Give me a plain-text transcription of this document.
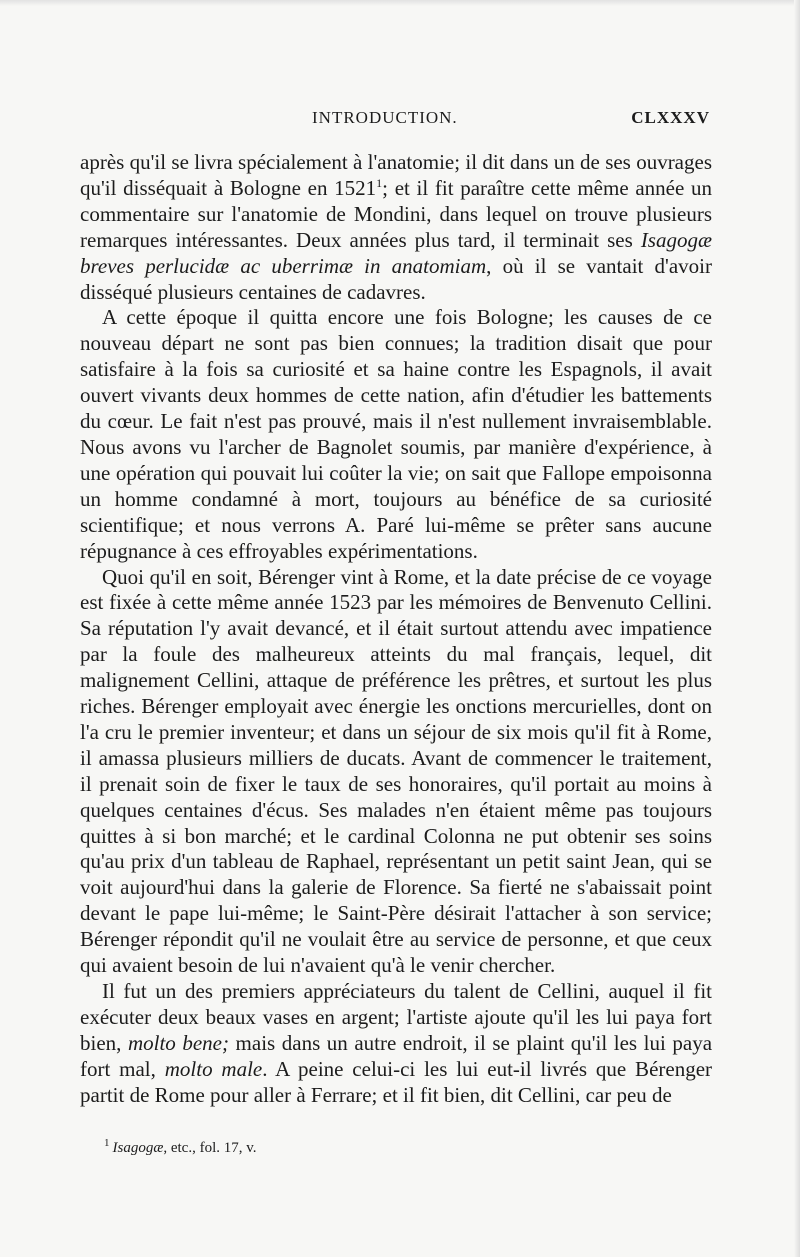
INTRODUCTION.	CLXXXV

après qu'il se livra spécialement à l'anatomie; il dit dans un de ses ouvrages qu'il disséquait à Bologne en 1521$^1$; et il fit paraître cette même année un commentaire sur l'anatomie de Mondini, dans lequel on trouve plusieurs remarques intéressantes. Deux années plus tard, il terminait ses Isagogæ breves perlucidæ ac uberrimæ in anatomiam, où il se vantait d'avoir disséqué plusieurs centaines de cadavres.

A cette époque il quitta encore une fois Bologne; les causes de ce nouveau départ ne sont pas bien connues; la tradition disait que pour satisfaire à la fois sa curiosité et sa haine contre les Espagnols, il avait ouvert vivants deux hommes de cette nation, afin d'étudier les battements du cœur. Le fait n'est pas prouvé, mais il n'est nullement invraisemblable. Nous avons vu l'archer de Bagnolet soumis, par manière d'expérience, à une opération qui pouvait lui coûter la vie; on sait que Fallope empoisonna un homme condamné à mort, toujours au bénéfice de sa curiosité scientifique; et nous verrons A. Paré lui-même se prêter sans aucune répugnance à ces effroyables expérimentations.

Quoi qu'il en soit, Bérenger vint à Rome, et la date précise de ce voyage est fixée à cette même année 1523 par les mémoires de Benvenuto Cellini. Sa réputation l'y avait devancé, et il était surtout attendu avec impatience par la foule des malheureux atteints du mal français, lequel, dit malignement Cellini, attaque de préférence les prêtres, et surtout les plus riches. Bérenger employait avec énergie les onctions mercurielles, dont on l'a cru le premier inventeur; et dans un séjour de six mois qu'il fit à Rome, il amassa plusieurs milliers de ducats. Avant de commencer le traitement, il prenait soin de fixer le taux de ses honoraires, qu'il portait au moins à quelques centaines d'écus. Ses malades n'en étaient même pas toujours quittes à si bon marché; et le cardinal Colonna ne put obtenir ses soins qu'au prix d'un tableau de Raphael, représentant un petit saint Jean, qui se voit aujourd'hui dans la galerie de Florence. Sa fierté ne s'abaissait point devant le pape lui-même; le Saint-Père désirait l'attacher à son service; Bérenger répondit qu'il ne voulait être au service de personne, et que ceux qui avaient besoin de lui n'avaient qu'à le venir chercher.

Il fut un des premiers appréciateurs du talent de Cellini, auquel il fit exécuter deux beaux vases en argent; l'artiste ajoute qu'il les lui paya fort bien, molto bene; mais dans un autre endroit, il se plaint qu'il les lui paya fort mal, molto male. A peine celui-ci les lui eut-il livrés que Bérenger partit de Rome pour aller à Ferrare; et il fit bien, dit Cellini, car peu de

$^1$ Isagogæ, etc., fol. 17, v.
